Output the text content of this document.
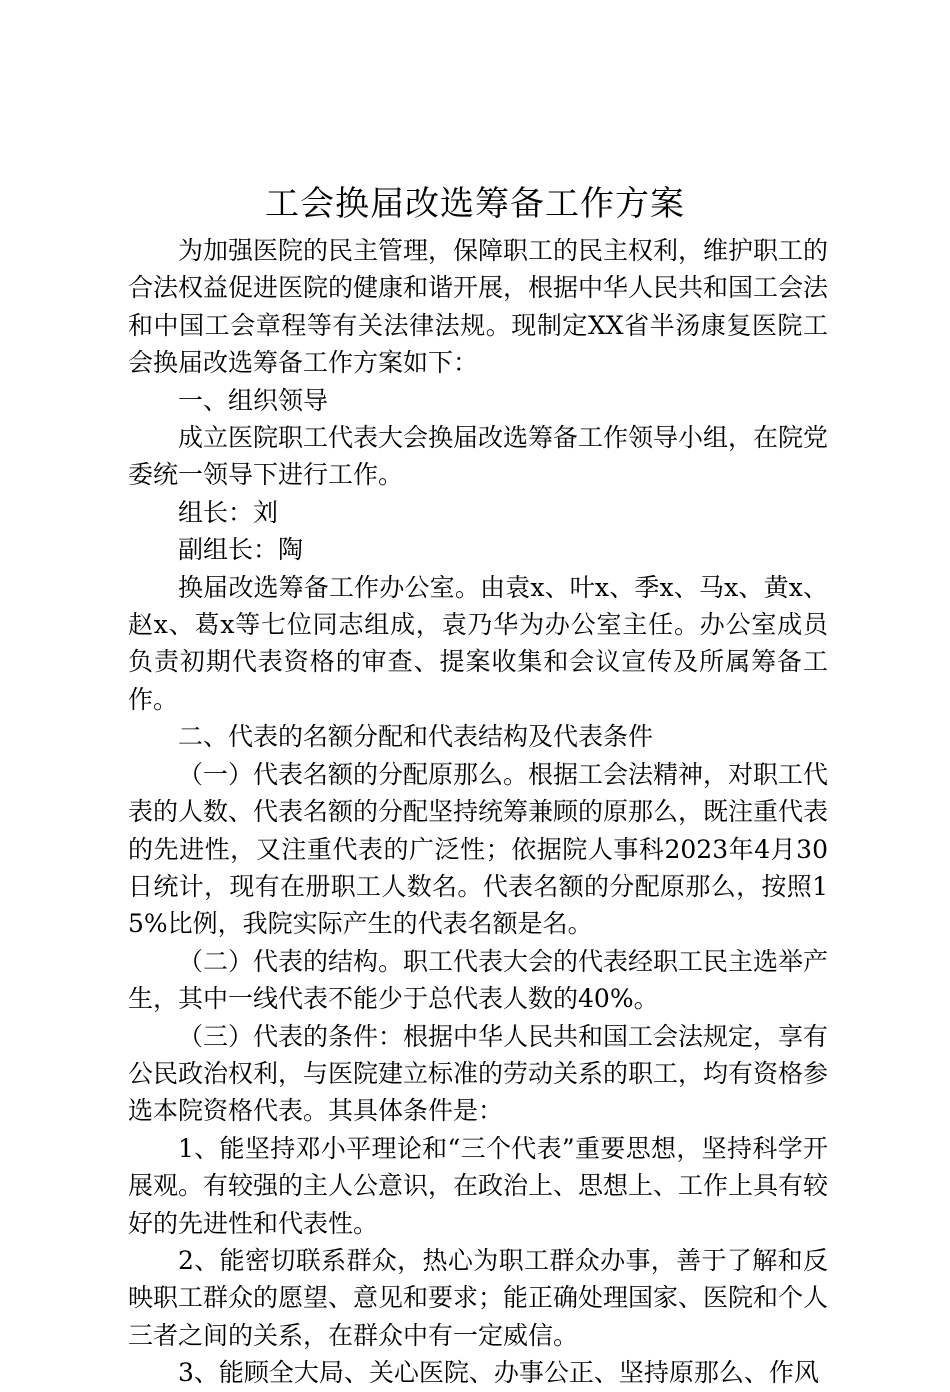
工会换届改选筹备工作方案

为加强医院的民主管理，保障职工的民主权利，维护职工的合法权益促进医院的健康和谐开展，根据中华人民共和国工会法和中国工会章程等有关法律法规。现制定XX省半汤康复医院工会换届改选筹备工作方案如下：

一、组织领导

成立医院职工代表大会换届改选筹备工作领导小组，在院党委统一领导下进行工作。

组长：刘

副组长：陶

换届改选筹备工作办公室。由袁x、叶x、季x、马x、黄x、赵x、葛x等七位同志组成，袁乃华为办公室主任。办公室成员负责初期代表资格的审查、提案收集和会议宣传及所属筹备工作。

二、代表的名额分配和代表结构及代表条件

（一）代表名额的分配原那么。根据工会法精神，对职工代表的人数、代表名额的分配坚持统筹兼顾的原那么，既注重代表的先进性，又注重代表的广泛性；依据院人事科2023年4月30日统计，现有在册职工人数名。代表名额的分配原那么，按照15%比例，我院实际产生的代表名额是名。

（二）代表的结构。职工代表大会的代表经职工民主选举产生，其中一线代表不能少于总代表人数的40%。

（三）代表的条件：根据中华人民共和国工会法规定，享有公民政治权利，与医院建立标准的劳动关系的职工，均有资格参选本院资格代表。其具体条件是：

1、能坚持邓小平理论和“三个代表”重要思想，坚持科学开展观。有较强的主人公意识，在政治上、思想上、工作上具有较好的先进性和代表性。

2、能密切联系群众，热心为职工群众办事，善于了解和反映职工群众的愿望、意见和要求；能正确处理国家、医院和个人三者之间的关系，在群众中有一定威信。

3、能顾全大局、关心医院、办事公正、坚持原那么、作风
